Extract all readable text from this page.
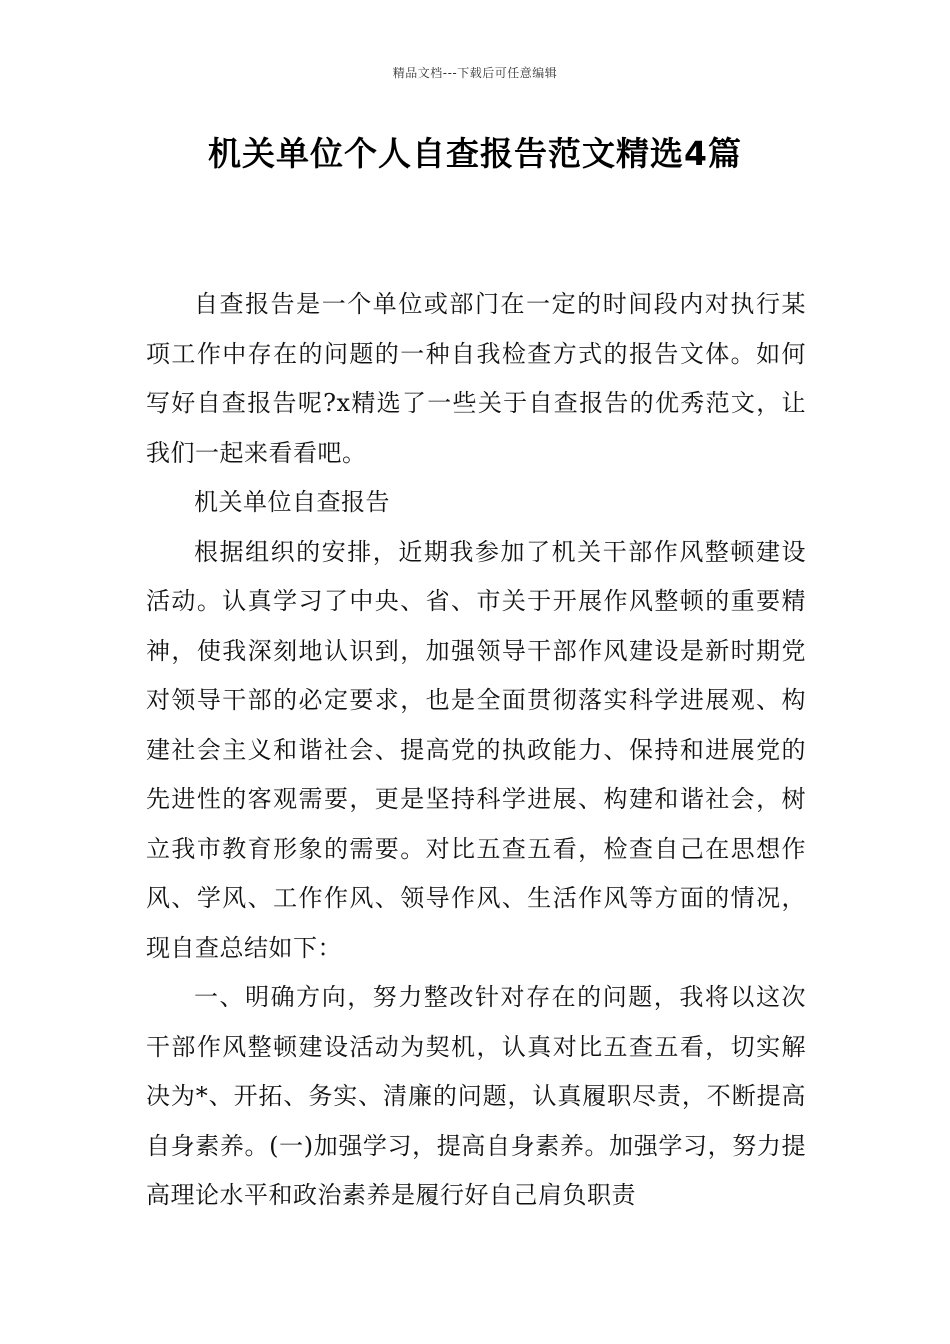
精品文档---下载后可任意编辑
机关单位个人自查报告范文精选4篇

自查报告是一个单位或部门在一定的时间段内对执行某项工作中存在的问题的一种自我检查方式的报告文体。如何写好自查报告呢?x精选了一些关于自查报告的优秀范文，让我们一起来看看吧。

机关单位自查报告

根据组织的安排，近期我参加了机关干部作风整顿建设活动。认真学习了中央、省、市关于开展作风整顿的重要精神，使我深刻地认识到，加强领导干部作风建设是新时期党对领导干部的必定要求，也是全面贯彻落实科学进展观、构建社会主义和谐社会、提高党的执政能力、保持和进展党的先进性的客观需要，更是坚持科学进展、构建和谐社会，树立我市教育形象的需要。对比五查五看，检查自己在思想作风、学风、工作作风、领导作风、生活作风等方面的情况，现自查总结如下：

一、明确方向，努力整改针对存在的问题，我将以这次干部作风整顿建设活动为契机，认真对比五查五看，切实解决为*、开拓、务实、清廉的问题，认真履职尽责，不断提高自身素养。(一)加强学习，提高自身素养。加强学习，努力提高理论水平和政治素养是履行好自己肩负职责
